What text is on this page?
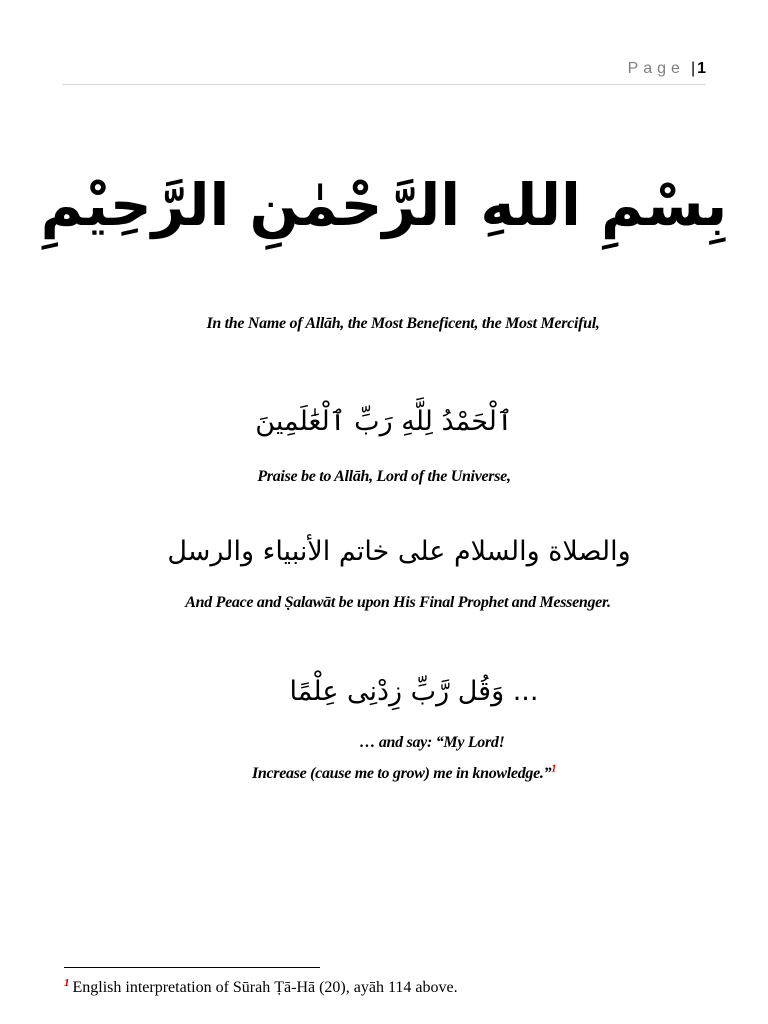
Page | 1
بِسْمِ اللهِ الرَّحْمٰنِ الرَّحِيْمِ
In the Name of Allāh, the Most Beneficent, the Most Merciful,
ٱلْحَمْدُ لِلَّهِ رَبِّ ٱلْعَٰلَمِينَ
Praise be to Allāh, Lord of the Universe,
والصلاة والسلام على خاتم الأنبياء والرسل
And Peace and Ṣalawāt be upon His Final Prophet and Messenger.
... وَقُل رَّبِّ زِدْنِى عِلْمًا
… and say: “My Lord!
Increase (cause me to grow) me in knowledge.”$^1$
$^1$ English interpretation of Sūrah Ṭā-Hā (20), ayāh 114 above.
